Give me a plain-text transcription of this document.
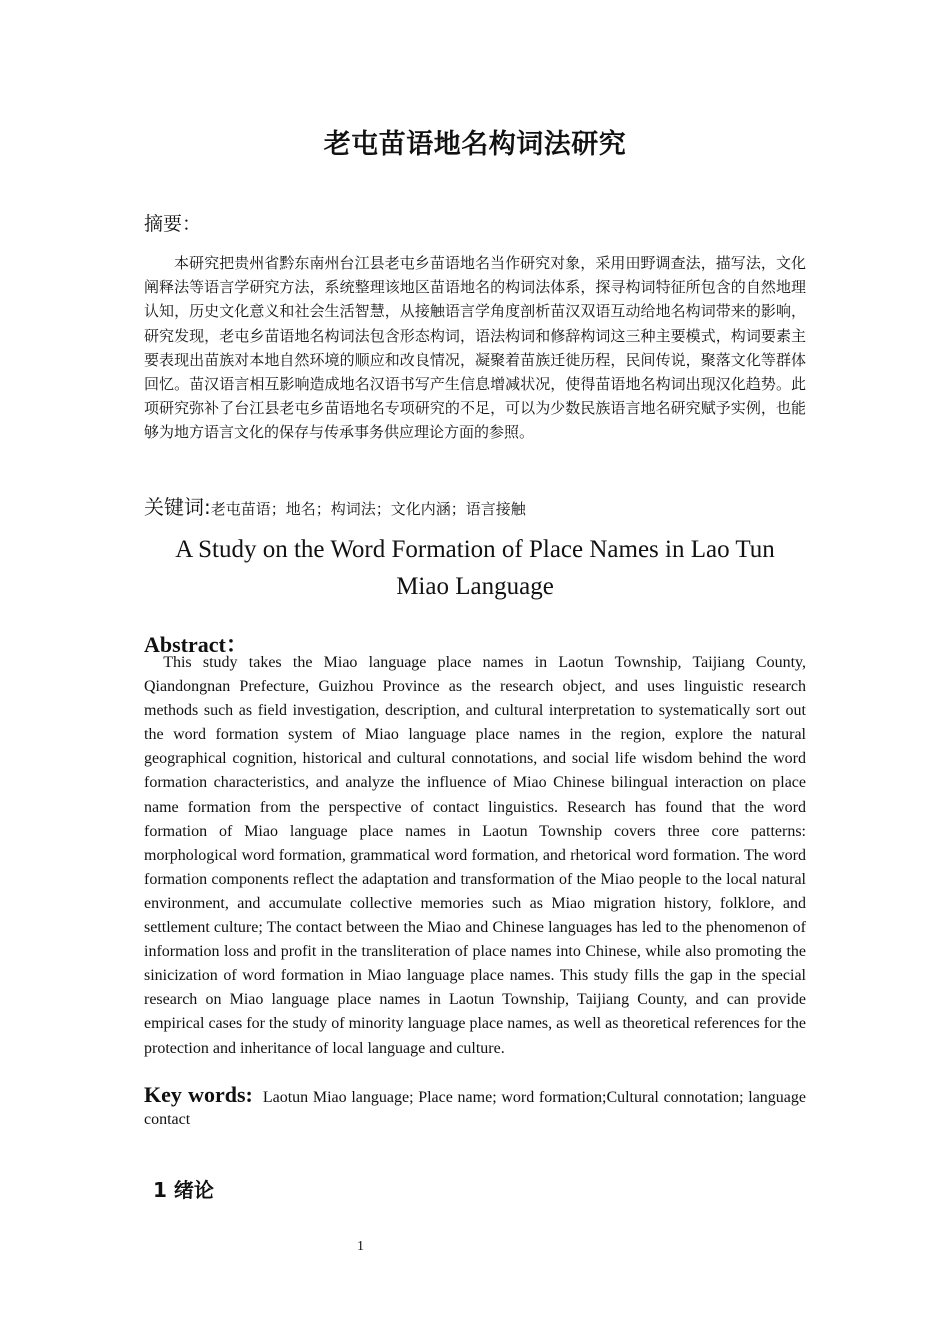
老屯苗语地名构词法研究
摘要：
本研究把贵州省黔东南州台江县老屯乡苗语地名当作研究对象，采用田野调查法，描写法，文化阐释法等语言学研究方法，系统整理该地区苗语地名的构词法体系，探寻构词特征所包含的自然地理认知，历史文化意义和社会生活智慧，从接触语言学角度剖析苗汉双语互动给地名构词带来的影响，研究发现，老屯乡苗语地名构词法包含形态构词，语法构词和修辞构词这三种主要模式，构词要素主要表现出苗族对本地自然环境的顺应和改良情况，凝聚着苗族迁徙历程，民间传说，聚落文化等群体回忆。苗汉语言相互影响造成地名汉语书写产生信息增减状况，使得苗语地名构词出现汉化趋势。此项研究弥补了台江县老屯乡苗语地名专项研究的不足，可以为少数民族语言地名研究赋予实例，也能够为地方语言文化的保存与传承事务供应理论方面的参照。
关键词:老屯苗语；地名；构词法；文化内涵；语言接触
A Study on the Word Formation of Place Names in Lao Tun Miao Language
Abstract：
This study takes the Miao language place names in Laotun Township, Taijiang County, Qiandongnan Prefecture, Guizhou Province as the research object, and uses linguistic research methods such as field investigation, description, and cultural interpretation to systematically sort out the word formation system of Miao language place names in the region, explore the natural geographical cognition, historical and cultural connotations, and social life wisdom behind the word formation characteristics, and analyze the influence of Miao Chinese bilingual interaction on place name formation from the perspective of contact linguistics. Research has found that the word formation of Miao language place names in Laotun Township covers three core patterns: morphological word formation, grammatical word formation, and rhetorical word formation. The word formation components reflect the adaptation and transformation of the Miao people to the local natural environment, and accumulate collective memories such as Miao migration history, folklore, and settlement culture; The contact between the Miao and Chinese languages has led to the phenomenon of information loss and profit in the transliteration of place names into Chinese, while also promoting the sinicization of word formation in Miao language place names. This study fills the gap in the special research on Miao language place names in Laotun Township, Taijiang County, and can provide empirical cases for the study of minority language place names, as well as theoretical references for the protection and inheritance of local language and culture.
Key words: Laotun Miao language; Place name; word formation;Cultural connotation; language contact
1 绪论
1
